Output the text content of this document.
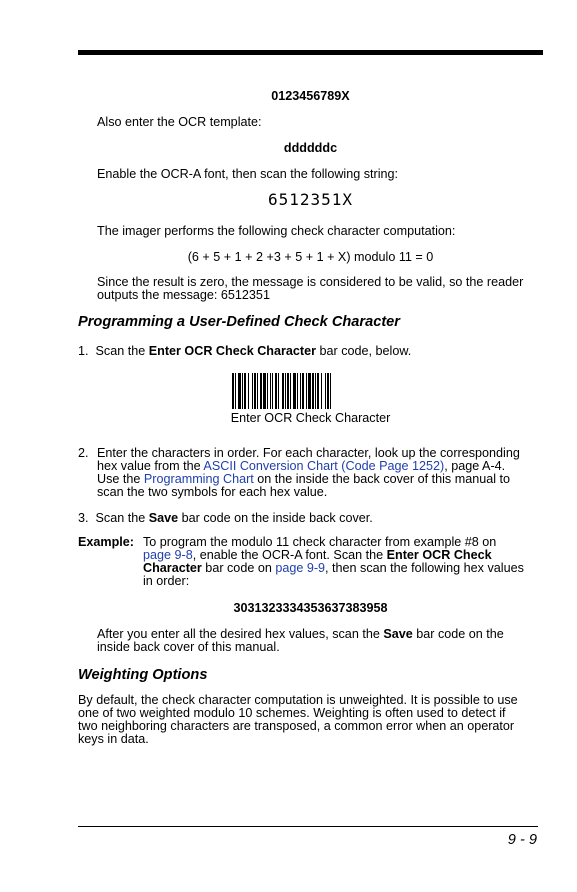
0123456789X
Also enter the OCR template:
ddddddc
Enable the OCR-A font, then scan the following string:
6512351X
The imager performs the following check character computation:
(6 + 5 + 1 + 2 +3 + 5 + 1 + X) modulo 11 = 0
Since the result is zero, the message is considered to be valid, so the reader
outputs the message: 6512351
Programming a User-Defined Check Character
1. Scan the Enter OCR Check Character bar code, below.
Enter OCR Check Character
2. Enter the characters in order. For each character, look up the corresponding
hex value from the ASCII Conversion Chart (Code Page 1252), page A-4.
Use the Programming Chart on the inside the back cover of this manual to
scan the two symbols for each hex value.
3. Scan the Save bar code on the inside back cover.
Example: To program the modulo 11 check character from example #8 on
page 9-8, enable the OCR-A font. Scan the Enter OCR Check
Character bar code on page 9-9, then scan the following hex values
in order:
3031323334353637383958
After you enter all the desired hex values, scan the Save bar code on the
inside back cover of this manual.
Weighting Options
By default, the check character computation is unweighted. It is possible to use
one of two weighted modulo 10 schemes. Weighting is often used to detect if
two neighboring characters are transposed, a common error when an operator
keys in data.
9 - 9
